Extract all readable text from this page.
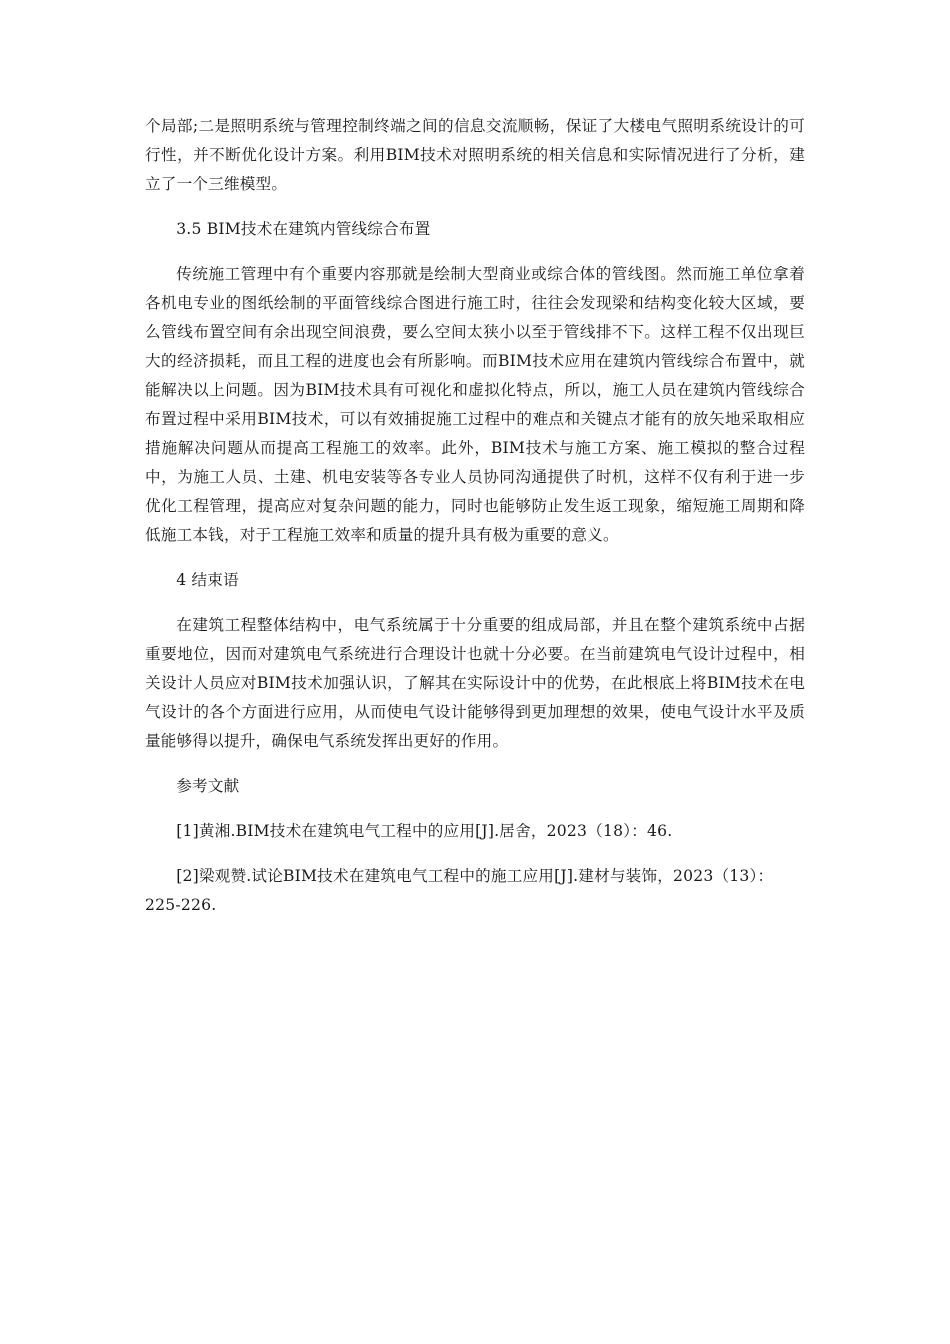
个局部;二是照明系统与管理控制终端之间的信息交流顺畅，保证了大楼电气照明系统设计的可行性，并不断优化设计方案。利用BIM技术对照明系统的相关信息和实际情况进行了分析，建立了一个三维模型。

3.5 BIM技术在建筑内管线综合布置

传统施工管理中有个重要内容那就是绘制大型商业或综合体的管线图。然而施工单位拿着各机电专业的图纸绘制的平面管线综合图进行施工时，往往会发现梁和结构变化较大区域，要么管线布置空间有余出现空间浪费，要么空间太狭小以至于管线排不下。这样工程不仅出现巨大的经济损耗，而且工程的进度也会有所影响。而BIM技术应用在建筑内管线综合布置中，就能解决以上问题。因为BIM技术具有可视化和虚拟化特点，所以，施工人员在建筑内管线综合布置过程中采用BIM技术，可以有效捕捉施工过程中的难点和关键点才能有的放矢地采取相应措施解决问题从而提高工程施工的效率。此外，BIM技术与施工方案、施工模拟的整合过程中，为施工人员、土建、机电安装等各专业人员协同沟通提供了时机，这样不仅有利于进一步优化工程管理，提高应对复杂问题的能力，同时也能够防止发生返工现象，缩短施工周期和降低施工本钱，对于工程施工效率和质量的提升具有极为重要的意义。

4 结束语

在建筑工程整体结构中，电气系统属于十分重要的组成局部，并且在整个建筑系统中占据重要地位，因而对建筑电气系统进行合理设计也就十分必要。在当前建筑电气设计过程中，相关设计人员应对BIM技术加强认识，了解其在实际设计中的优势，在此根底上将BIM技术在电气设计的各个方面进行应用，从而使电气设计能够得到更加理想的效果，使电气设计水平及质量能够得以提升，确保电气系统发挥出更好的作用。

参考文献

[1]黄湘.BIM技术在建筑电气工程中的应用[J].居舍，2023（18）：46.

[2]梁观赞.试论BIM技术在建筑电气工程中的施工应用[J].建材与装饰，2023（13）：225-226.
